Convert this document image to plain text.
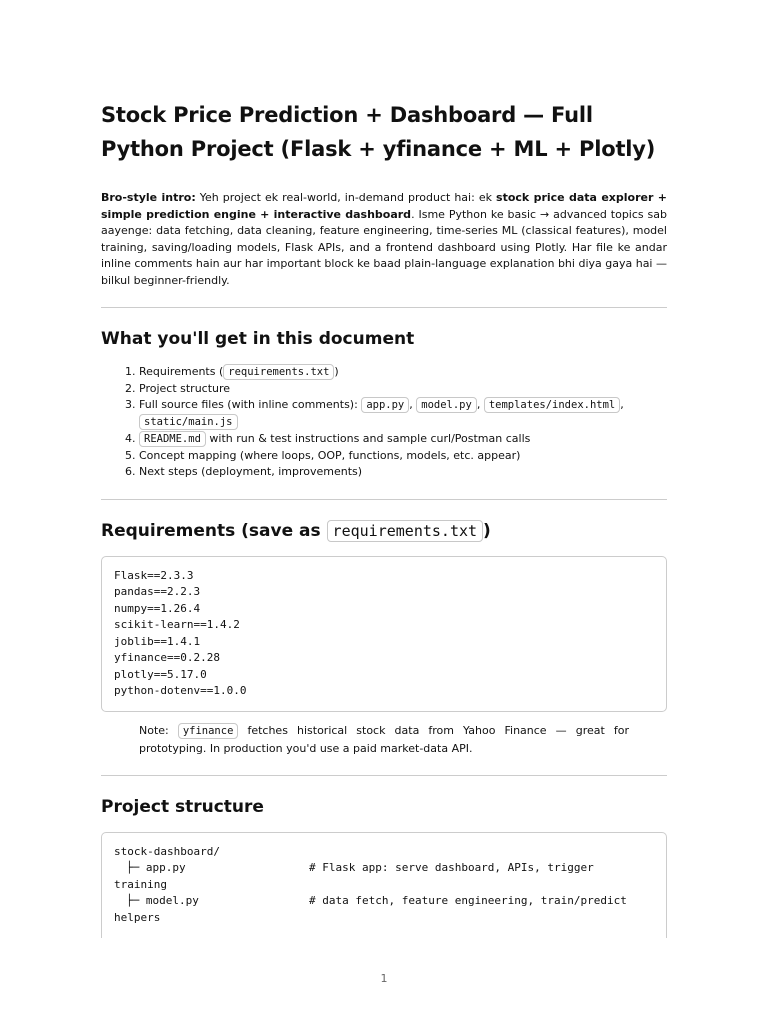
Stock Price Prediction + Dashboard — Full Python Project (Flask + yfinance + ML + Plotly)

Bro-style intro: Yeh project ek real-world, in-demand product hai: ek stock price data explorer + simple prediction engine + interactive dashboard. Isme Python ke basic → advanced topics sab aayenge: data fetching, data cleaning, feature engineering, time-series ML (classical features), model training, saving/loading models, Flask APIs, and a frontend dashboard using Plotly. Har file ke andar inline comments hain aur har important block ke baad plain-language explanation bhi diya gaya hai — bilkul beginner-friendly.

What you'll get in this document
1. Requirements ( requirements.txt )
2. Project structure
3. Full source files (with inline comments): app.py , model.py , templates/index.html , static/main.js
4. README.md with run & test instructions and sample curl/Postman calls
5. Concept mapping (where loops, OOP, functions, models, etc. appear)
6. Next steps (deployment, improvements)
Requirements (save as requirements.txt )
Flask==2.3.3
pandas==2.2.3
numpy==1.26.4
scikit-learn==1.4.2
joblib==1.4.1
yfinance==0.2.28
plotly==5.17.0
python-dotenv==1.0.0

Note: yfinance fetches historical stock data from Yahoo Finance — great for prototyping. In production you'd use a paid market-data API.

Project structure
stock-dashboard/
├─ app.py	# Flask app: serve dashboard, APIs, trigger
training
├─ model.py	# data fetch, feature engineering, train/predict
helpers
1
